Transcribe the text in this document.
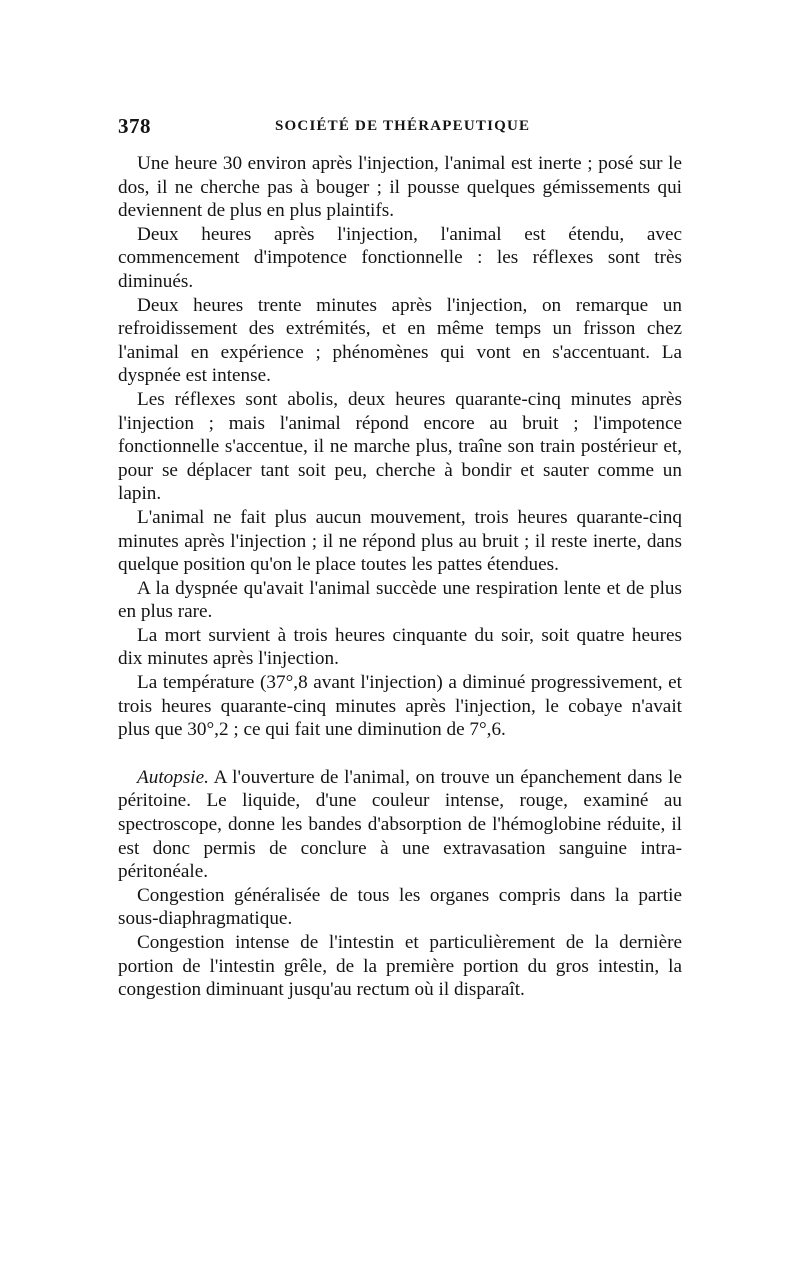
378	SOCIÉTÉ DE THÉRAPEUTIQUE

Une heure 30 environ après l'injection, l'animal est inerte ; posé sur le dos, il ne cherche pas à bouger ; il pousse quelques gémissements qui deviennent de plus en plus plaintifs.

Deux heures après l'injection, l'animal est étendu, avec commencement d'impotence fonctionnelle : les réflexes sont très diminués.

Deux heures trente minutes après l'injection, on remarque un refroidissement des extrémités, et en même temps un frisson chez l'animal en expérience ; phénomènes qui vont en s'accentuant. La dyspnée est intense.

Les réflexes sont abolis, deux heures quarante-cinq minutes après l'injection ; mais l'animal répond encore au bruit ; l'impotence fonctionnelle s'accentue, il ne marche plus, traîne son train postérieur et, pour se déplacer tant soit peu, cherche à bondir et sauter comme un lapin.

L'animal ne fait plus aucun mouvement, trois heures quarante-cinq minutes après l'injection ; il ne répond plus au bruit ; il reste inerte, dans quelque position qu'on le place toutes les pattes étendues.

A la dyspnée qu'avait l'animal succède une respiration lente et de plus en plus rare.

La mort survient à trois heures cinquante du soir, soit quatre heures dix minutes après l'injection.

La température (37°,8 avant l'injection) a diminué progressivement, et trois heures quarante-cinq minutes après l'injection, le cobaye n'avait plus que 30°,2 ; ce qui fait une diminution de 7°,6.

Autopsie. A l'ouverture de l'animal, on trouve un épanchement dans le péritoine. Le liquide, d'une couleur intense, rouge, examiné au spectroscope, donne les bandes d'absorption de l'hémoglobine réduite, il est donc permis de conclure à une extravasation sanguine intra-péritonéale.

Congestion généralisée de tous les organes compris dans la partie sous-diaphragmatique.

Congestion intense de l'intestin et particulièrement de la dernière portion de l'intestin grêle, de la première portion du gros intestin, la congestion diminuant jusqu'au rectum où il disparaît.
